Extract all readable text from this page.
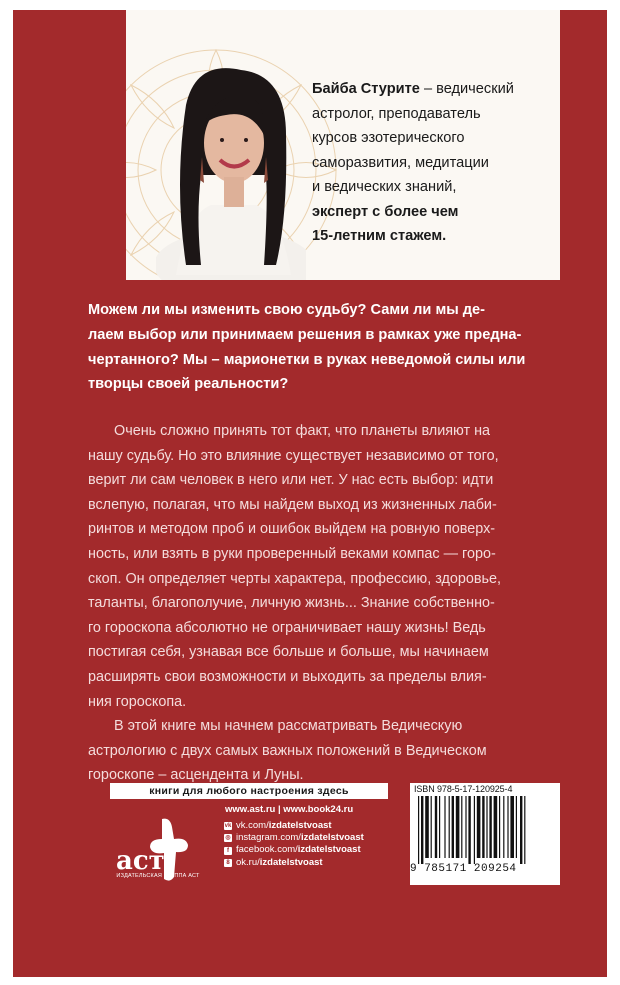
Байба Стурите – ведический
астролог, преподаватель
курсов эзотерического
саморазвития, медитации
и ведических знаний,
эксперт с более чем
15-летним стажем.
Можем ли мы изменить свою судьбу? Сами ли мы де-
лаем выбор или принимаем решения в рамках уже предна-
чертанного? Мы – марионетки в руках неведомой силы или
творцы своей реальности?

Очень сложно принять тот факт, что планеты влияют на

нашу судьбу. Но это влияние существует независимо от того,

верит ли сам человек в него или нет. У нас есть выбор: идти

вслепую, полагая, что мы найдем выход из жизненных лаби-

ринтов и методом проб и ошибок выйдем на ровную поверх-

ность, или взять в руки проверенный веками компас — горо-

скоп. Он определяет черты характера, профессию, здоровье,

таланты, благополучие, личную жизнь... Знание собственно-

го гороскопа абсолютно не ограничивает нашу жизнь! Ведь

постигая себя, узнавая все больше и больше, мы начинаем

расширять свои возможности и выходить за пределы влия-

ния гороскопа.

В этой книге мы начнем рассматривать Ведическую

астрологию с двух самых важных положений в Ведическом

гороскопе – асцендента и Луны.

книги для любого настроения здесь
аст
ИЗДАТЕЛЬСКАЯ ГРУППА АСТ
www.ast.ru | www.book24.ru
vk vk.com/izdatelstvoast
◎ instagram.com/izdatelstvoast
f facebook.com/izdatelstvoast
8 ok.ru/izdatelstvoast
ISBN 978-5-17-120925-4
9 785171 209254
